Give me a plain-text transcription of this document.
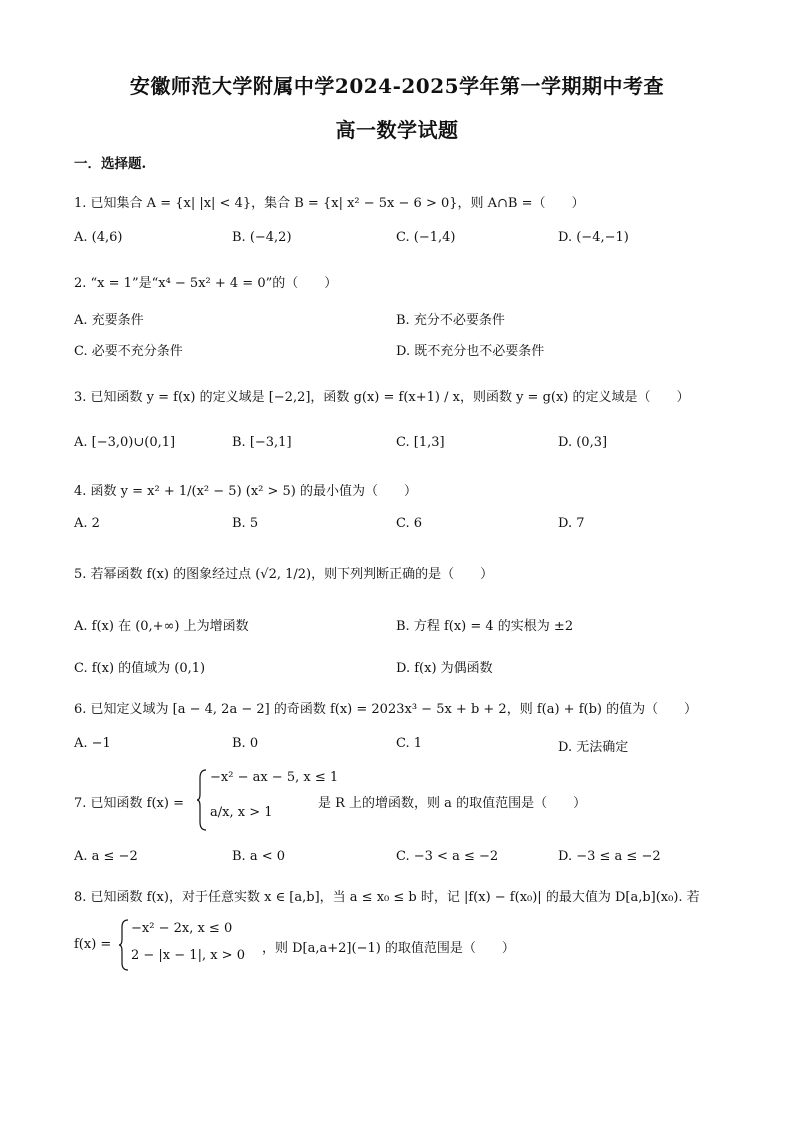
安徽师范大学附属中学2024-2025学年第一学期期中考查
高一数学试题
一．选择题.
1. 已知集合 A = {x| |x| < 4}，集合 B = {x| x² − 5x − 6 > 0}，则 A∩B =（　　）
A. (4,6)	B. (−4,2)	C. (−1,4)	D. (−4,−1)
2. “x = 1”是“x⁴ − 5x² + 4 = 0”的（　　）
A. 充要条件	B. 充分不必要条件
C. 必要不充分条件	D. 既不充分也不必要条件
3. 已知函数 y = f(x) 的定义域是 [−2,2]，函数 g(x) = f(x+1) / x，则函数 y = g(x) 的定义域是（　　）
A. [−3,0)∪(0,1]	B. [−3,1]	C. [1,3]	D. (0,3]
4. 函数 y = x² + 1/(x² − 5) (x² > 5) 的最小值为（　　）
A. 2	B. 5	C. 6	D. 7
5. 若幂函数 f(x) 的图象经过点 (√2, 1/2)，则下列判断正确的是（　　）
A. f(x) 在 (0,+∞) 上为增函数	B. 方程 f(x) = 4 的实根为 ±2
C. f(x) 的值域为 (0,1)	D. f(x) 为偶函数
6. 已知定义域为 [a − 4, 2a − 2] 的奇函数 f(x) = 2023x³ − 5x + b + 2，则 f(a) + f(b) 的值为（　　）
A. −1	B. 0	C. 1	D. 无法确定
7. 已知函数 f(x) =
−x² − ax − 5, x ≤ 1
a/x, x > 1
是 R 上的增函数，则 a 的取值范围是（　　）
A. a ≤ −2	B. a < 0	C. −3 < a ≤ −2	D. −3 ≤ a ≤ −2
8. 已知函数 f(x)，对于任意实数 x ∈ [a,b]，当 a ≤ x₀ ≤ b 时，记 |f(x) − f(x₀)| 的最大值为 D[a,b](x₀). 若
f(x) =
−x² − 2x, x ≤ 0
2 − |x − 1|, x > 0 ，则 D[a,a+2](−1) 的取值范围是（　　）
